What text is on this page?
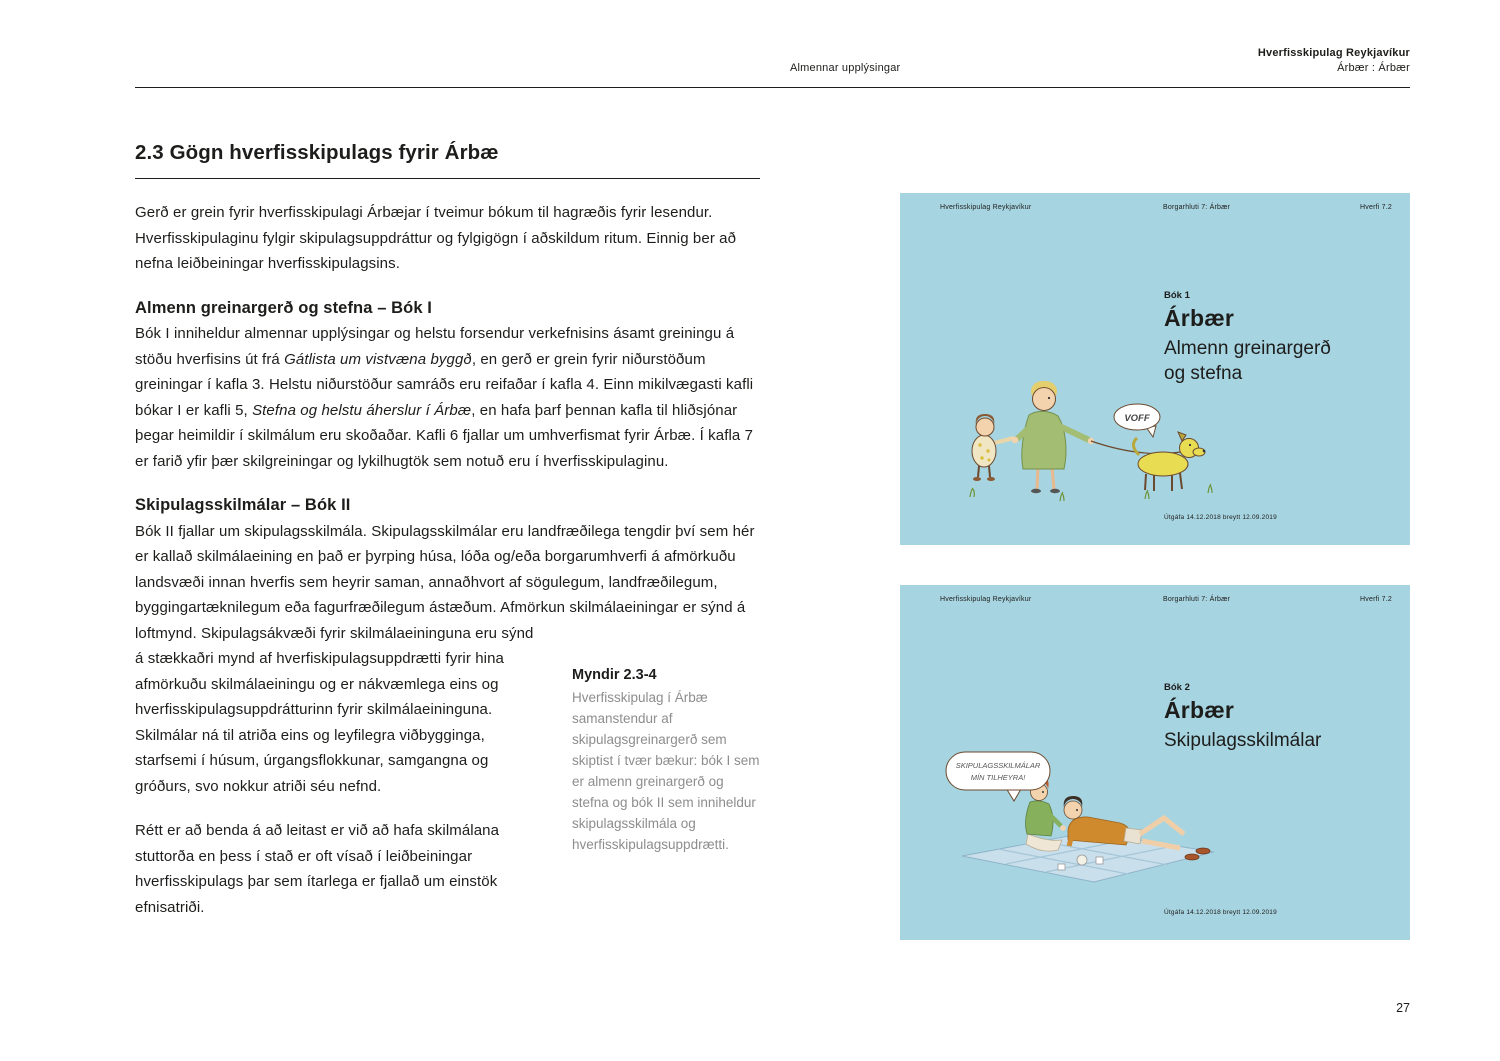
Almennar upplýsingar
Hverfisskipulag Reykjavíkur
Árbær : Árbær
2.3 Gögn hverfisskipulags fyrir Árbæ

Gerð er grein fyrir hverfisskipulagi Árbæjar í tveimur bókum til hagræðis fyrir lesendur. Hverfisskipulaginu fylgir skipulagsuppdráttur og fylgigögn í aðskildum ritum. Einnig ber að nefna leiðbeiningar hverfisskipulagsins.

Almenn greinargerð og stefna – Bók I

Bók I inniheldur almennar upplýsingar og helstu forsendur verkefnisins ásamt greiningu á stöðu hverfisins út frá Gátlista um vistvæna byggð, en gerð er grein fyrir niðurstöðum greiningar í kafla 3. Helstu niðurstöður samráðs eru reifaðar í kafla 4. Einn mikilvægasti kafli bókar I er kafli 5, Stefna og helstu áherslur í Árbæ, en hafa þarf þennan kafla til hliðsjónar þegar heimildir í skilmálum eru skoðaðar. Kafli 6 fjallar um umhverfismat fyrir Árbæ. Í kafla 7 er farið yfir þær skilgreiningar og lykilhugtök sem notuð eru í hverfisskipulaginu.

Skipulagsskilmálar – Bók II

Bók II fjallar um skipulagsskilmála. Skipulagsskilmálar eru landfræðilega tengdir því sem hér er kallað skilmálaeining en það er þyrping húsa, lóða og/eða borgarumhverfi á afmörkuðu landsvæði innan hverfis sem heyrir saman, annaðhvort af sögulegum, landfræðilegum, byggingartæknilegum eða fagurfræðilegum ástæðum. Afmörkun skilmálaeiningar er sýnd á loftmynd. Skipulagsákvæði fyrir skilmálaeininguna eru sýnd

á stækkaðri mynd af hverfiskipulagsuppdrætti fyrir hina afmörkuðu skilmálaeiningu og er nákvæmlega eins og hverfisskipulagsuppdrátturinn fyrir skilmálaeininguna. Skilmálar ná til atriða eins og leyfilegra viðbygginga, starfsemi í húsum, úrgangsflokkunar, samgangna og gróðurs, svo nokkur atriði séu nefnd.

Rétt er að benda á að leitast er við að hafa skilmálana stuttorða en þess í stað er oft vísað í leiðbeiningar hverfisskipulags þar sem ítarlega er fjallað um einstök efnisatriði.

Myndir 2.3-4
Hverfisskipulag í Árbæ samanstendur af skipulagsgreinargerð sem skiptist í tvær bækur: bók I sem er almenn greinargerð og stefna og bók II sem inniheldur skipulagsskilmála og hverfisskipulagsuppdrætti.
Hverfisskipulag Reykjavíkur	Borgarhluti 7: Árbær	Hverfi 7.2
Bók 1
Árbær
Almenn greinargerð og stefna
VOFF
Útgáfa 14.12.2018 breytt 12.09.2019
Hverfisskipulag Reykjavíkur	Borgarhluti 7: Árbær	Hverfi 7.2
Bók 2
Árbær
Skipulagsskilmálar
SKIPULAGSSKILMÁLAR
MÍN TILHEYRA!
Útgáfa 14.12.2018 breytt 12.09.2019
27
